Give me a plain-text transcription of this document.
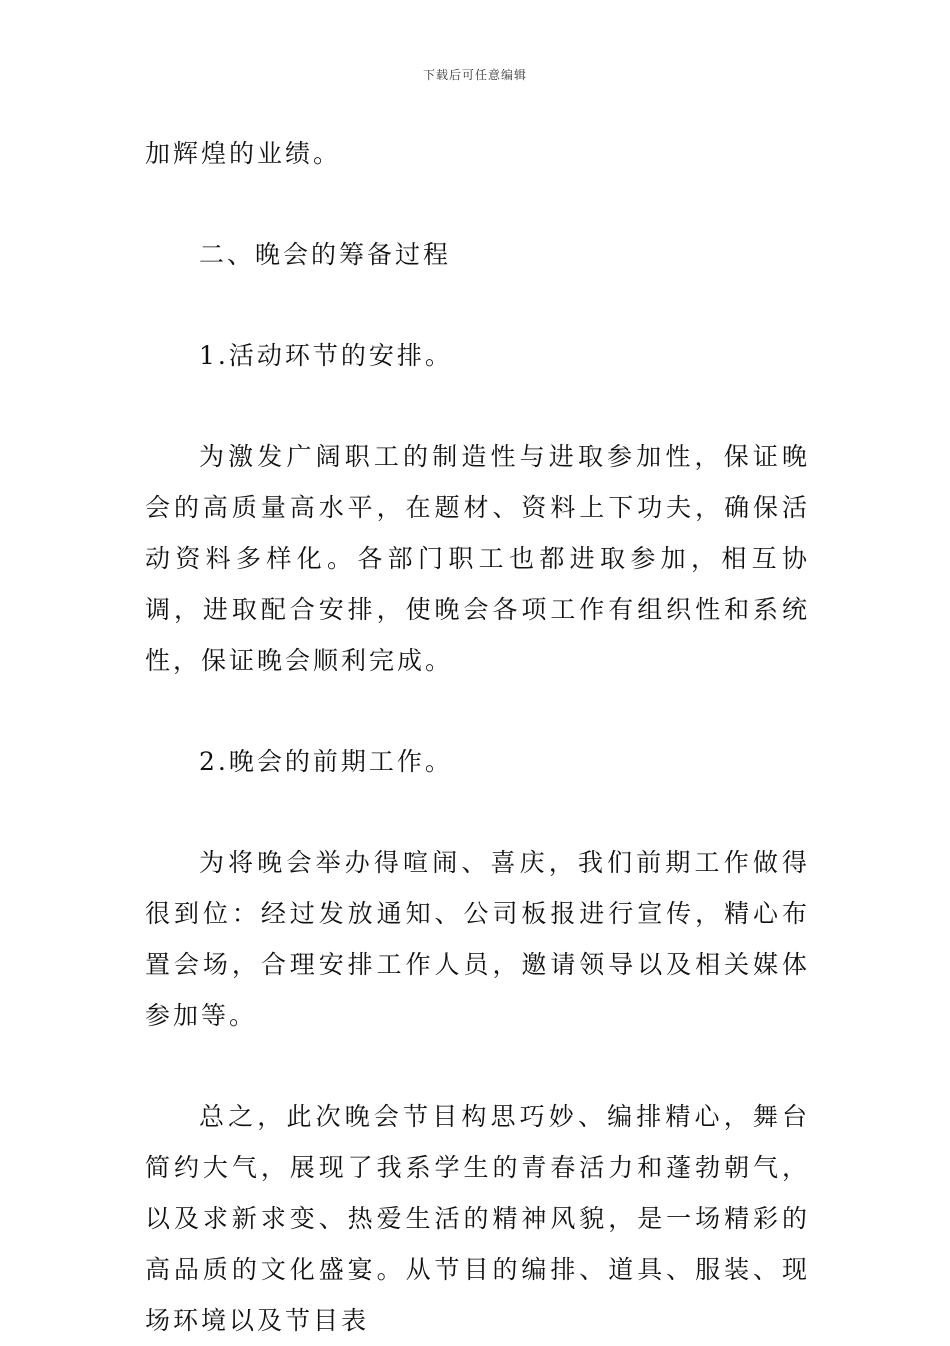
下载后可任意编辑

加辉煌的业绩。

二、晚会的筹备过程

1.活动环节的安排。

为激发广阔职工的制造性与进取参加性，保证晚会的高质量高水平，在题材、资料上下功夫，确保活动资料多样化。各部门职工也都进取参加，相互协调，进取配合安排，使晚会各项工作有组织性和系统性，保证晚会顺利完成。

2.晚会的前期工作。

为将晚会举办得喧闹、喜庆，我们前期工作做得很到位：经过发放通知、公司板报进行宣传，精心布置会场，合理安排工作人员，邀请领导以及相关媒体参加等。

总之，此次晚会节目构思巧妙、编排精心，舞台简约大气，展现了我系学生的青春活力和蓬勃朝气，以及求新求变、热爱生活的精神风貌，是一场精彩的高品质的文化盛宴。从节目的编排、道具、服装、现场环境以及节目表
